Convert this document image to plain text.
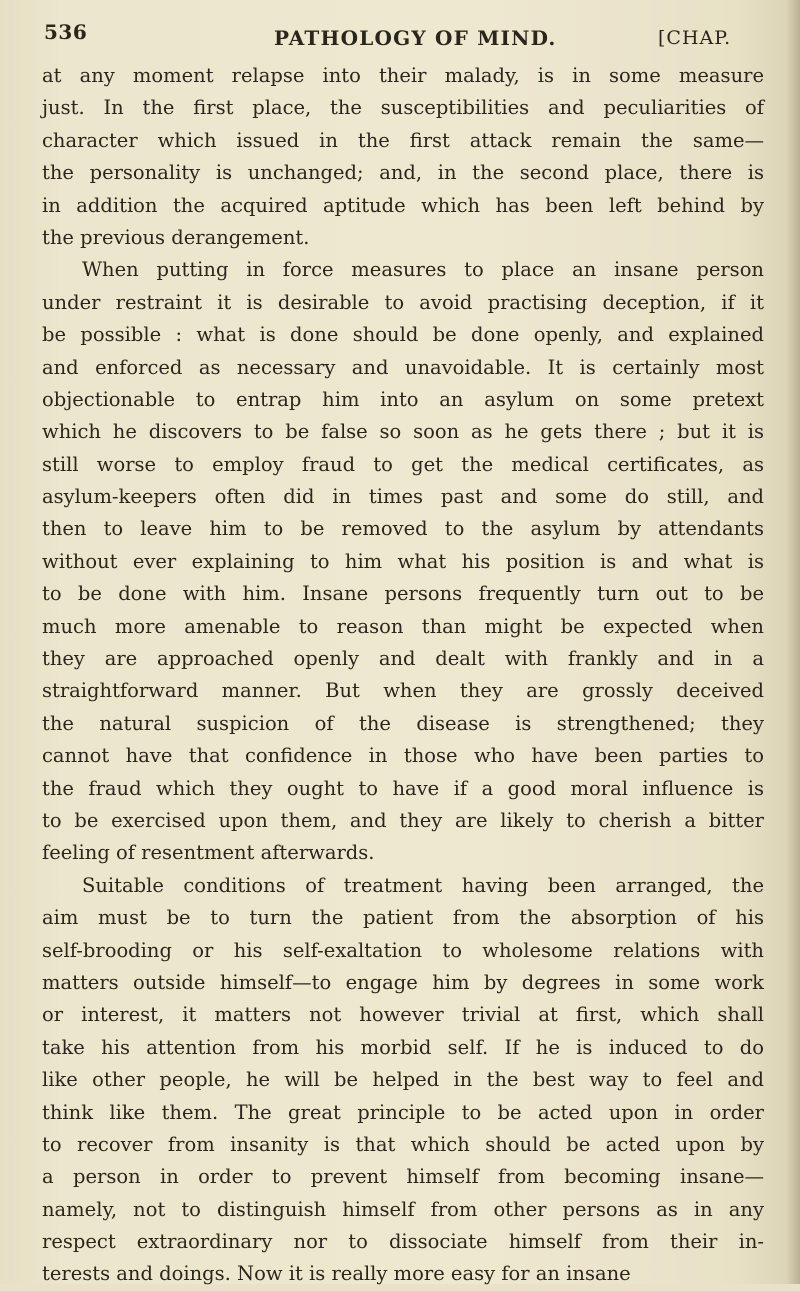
536	PATHOLOGY OF MIND.	[CHAP.
at any moment relapse into their malady, is in some measure
just. In the first place, the susceptibilities and peculiarities of
character which issued in the first attack remain the same—
the personality is unchanged; and, in the second place, there is
in addition the acquired aptitude which has been left behind by
the previous derangement.
When putting in force measures to place an insane person
under restraint it is desirable to avoid practising deception, if it
be possible : what is done should be done openly, and explained
and enforced as necessary and unavoidable. It is certainly most
objectionable to entrap him into an asylum on some pretext
which he discovers to be false so soon as he gets there ; but it is
still worse to employ fraud to get the medical certificates, as
asylum-keepers often did in times past and some do still, and
then to leave him to be removed to the asylum by attendants
without ever explaining to him what his position is and what is
to be done with him. Insane persons frequently turn out to be
much more amenable to reason than might be expected when
they are approached openly and dealt with frankly and in a
straightforward manner. But when they are grossly deceived
the natural suspicion of the disease is strengthened; they
cannot have that confidence in those who have been parties to
the fraud which they ought to have if a good moral influence is
to be exercised upon them, and they are likely to cherish a bitter
feeling of resentment afterwards.
Suitable conditions of treatment having been arranged, the
aim must be to turn the patient from the absorption of his
self-brooding or his self-exaltation to wholesome relations with
matters outside himself—to engage him by degrees in some work
or interest, it matters not however trivial at first, which shall
take his attention from his morbid self. If he is induced to do
like other people, he will be helped in the best way to feel and
think like them. The great principle to be acted upon in order
to recover from insanity is that which should be acted upon by
a person in order to prevent himself from becoming insane—
namely, not to distinguish himself from other persons as in any
respect extraordinary nor to dissociate himself from their in-
terests and doings. Now it is really more easy for an insane
